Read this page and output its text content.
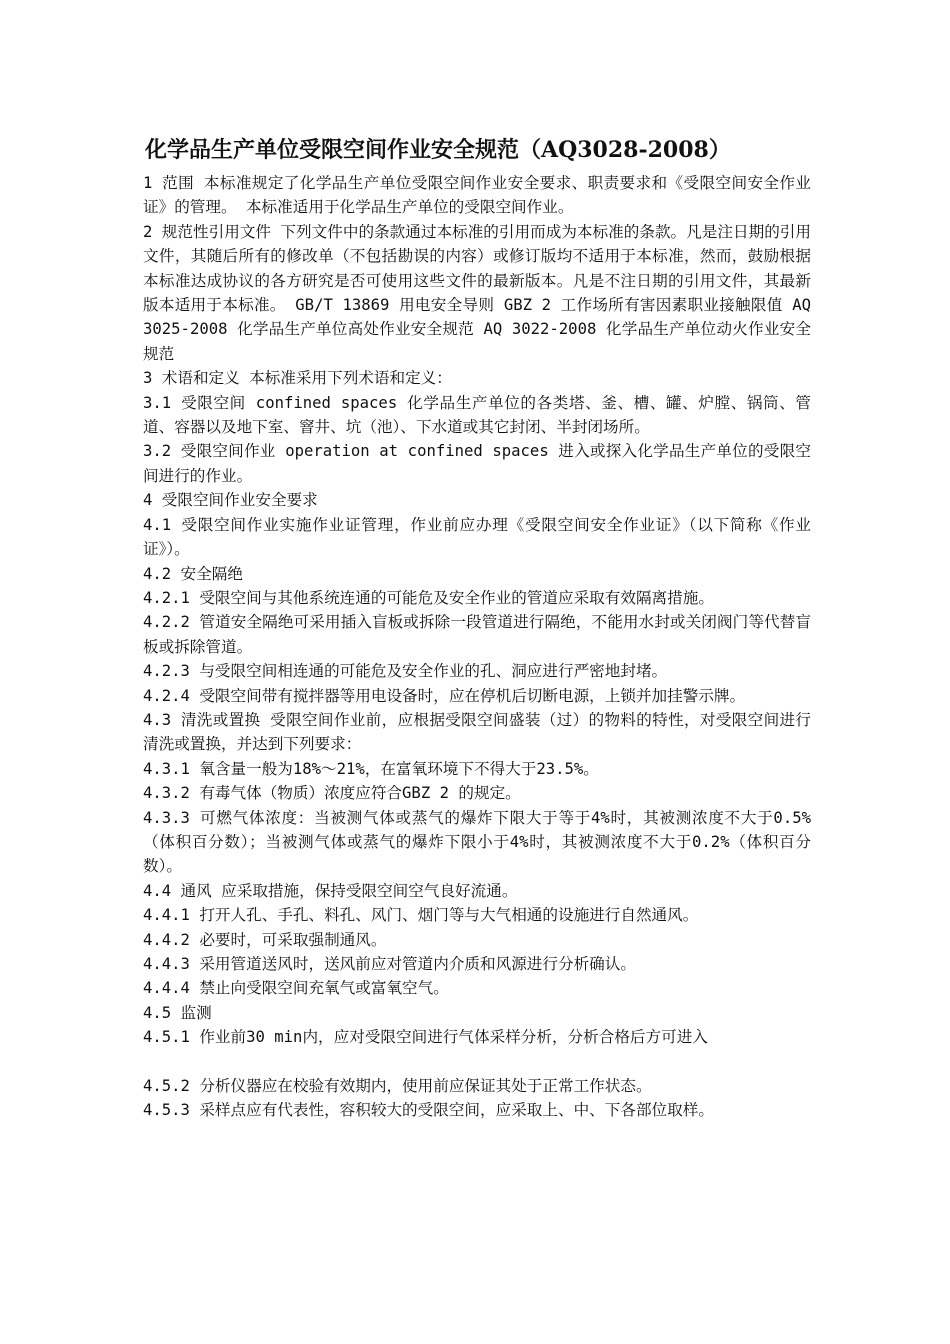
化学品生产单位受限空间作业安全规范（AQ3028-2008）

1 范围 本标准规定了化学品生产单位受限空间作业安全要求、职责要求和《受限空间安全作业证》的管理。 本标准适用于化学品生产单位的受限空间作业。

2 规范性引用文件 下列文件中的条款通过本标准的引用而成为本标准的条款。凡是注日期的引用文件，其随后所有的修改单（不包括勘误的内容）或修订版均不适用于本标准，然而，鼓励根据本标准达成协议的各方研究是否可使用这些文件的最新版本。凡是不注日期的引用文件，其最新版本适用于本标准。 GB/T 13869 用电安全导则 GBZ 2 工作场所有害因素职业接触限值 AQ 3025-2008 化学品生产单位高处作业安全规范 AQ 3022-2008 化学品生产单位动火作业安全规范

3 术语和定义 本标准采用下列术语和定义：

3.1 受限空间 confined spaces 化学品生产单位的各类塔、釜、槽、罐、炉膛、锅筒、管道、容器以及地下室、窨井、坑（池）、下水道或其它封闭、半封闭场所。

3.2 受限空间作业 operation at confined spaces 进入或探入化学品生产单位的受限空间进行的作业。

4 受限空间作业安全要求

4.1 受限空间作业实施作业证管理，作业前应办理《受限空间安全作业证》（以下简称《作业证》）。

4.2 安全隔绝

4.2.1 受限空间与其他系统连通的可能危及安全作业的管道应采取有效隔离措施。

4.2.2 管道安全隔绝可采用插入盲板或拆除一段管道进行隔绝，不能用水封或关闭阀门等代替盲板或拆除管道。

4.2.3 与受限空间相连通的可能危及安全作业的孔、洞应进行严密地封堵。

4.2.4 受限空间带有搅拌器等用电设备时，应在停机后切断电源，上锁并加挂警示牌。

4.3 清洗或置换 受限空间作业前，应根据受限空间盛装（过）的物料的特性，对受限空间进行清洗或置换，并达到下列要求：

4.3.1 氧含量一般为18%～21%，在富氧环境下不得大于23.5%。

4.3.2 有毒气体（物质）浓度应符合GBZ 2 的规定。

4.3.3 可燃气体浓度：当被测气体或蒸气的爆炸下限大于等于4%时，其被测浓度不大于0.5%（体积百分数）；当被测气体或蒸气的爆炸下限小于4%时，其被测浓度不大于0.2%（体积百分数）。

4.4 通风 应采取措施，保持受限空间空气良好流通。

4.4.1 打开人孔、手孔、料孔、风门、烟门等与大气相通的设施进行自然通风。

4.4.2 必要时，可采取强制通风。

4.4.3 采用管道送风时，送风前应对管道内介质和风源进行分析确认。

4.4.4 禁止向受限空间充氧气或富氧空气。

4.5 监测

4.5.1 作业前30 min内，应对受限空间进行气体采样分析，分析合格后方可进入

4.5.2 分析仪器应在校验有效期内，使用前应保证其处于正常工作状态。

4.5.3 采样点应有代表性，容积较大的受限空间，应采取上、中、下各部位取样。
